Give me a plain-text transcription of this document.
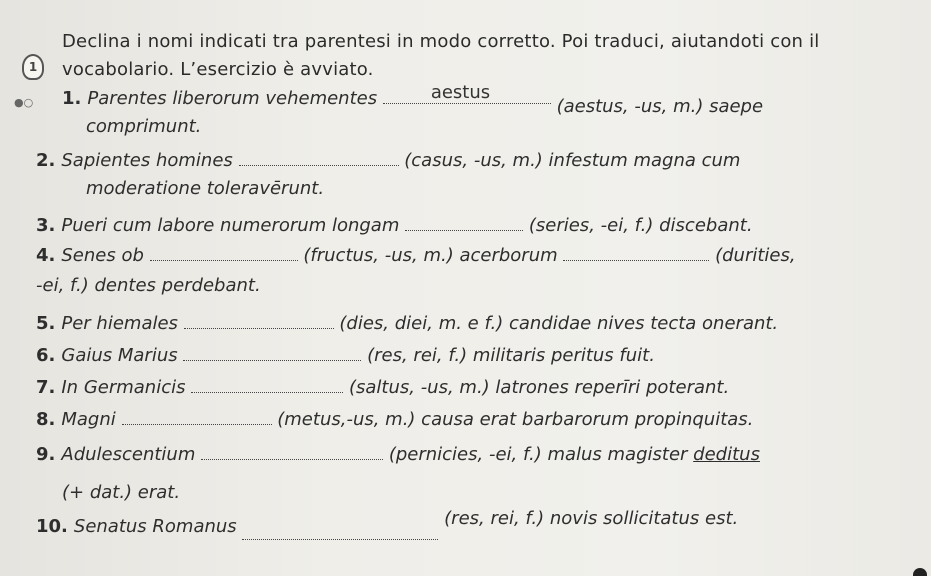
1
●○
Declina i nomi indicati tra parentesi in modo corretto. Poi traduci, aiutandoti con il
vocabolario. L’esercizio è avviato.
1. Parentes liberorum vehementes	aestus
(aestus, -us, m.) saepe
comprimunt.
2. Sapientes homines	(casus, -us, m.) infestum magna cum
moderatione toleravērunt.
3. Pueri cum labore numerorum longam	(series, -ei, f.) discebant.
4. Senes ob	(fructus, -us, m.) acerborum	(durities,
-ei, f.) dentes perdebant.
5. Per hiemales	(dies, diei, m. e f.) candidae nives tecta onerant.
6. Gaius Marius	(res, rei, f.) militaris peritus fuit.
7. In Germanicis	(saltus, -us, m.) latrones reperīri poterant.
8. Magni	(metus,-us, m.) causa erat barbarorum propinquitas.
9. Adulescentium	(pernicies, -ei, f.) malus magister deditus
(+ dat.) erat.
10. Senatus Romanus	(res, rei, f.) novis sollicitatus est.
